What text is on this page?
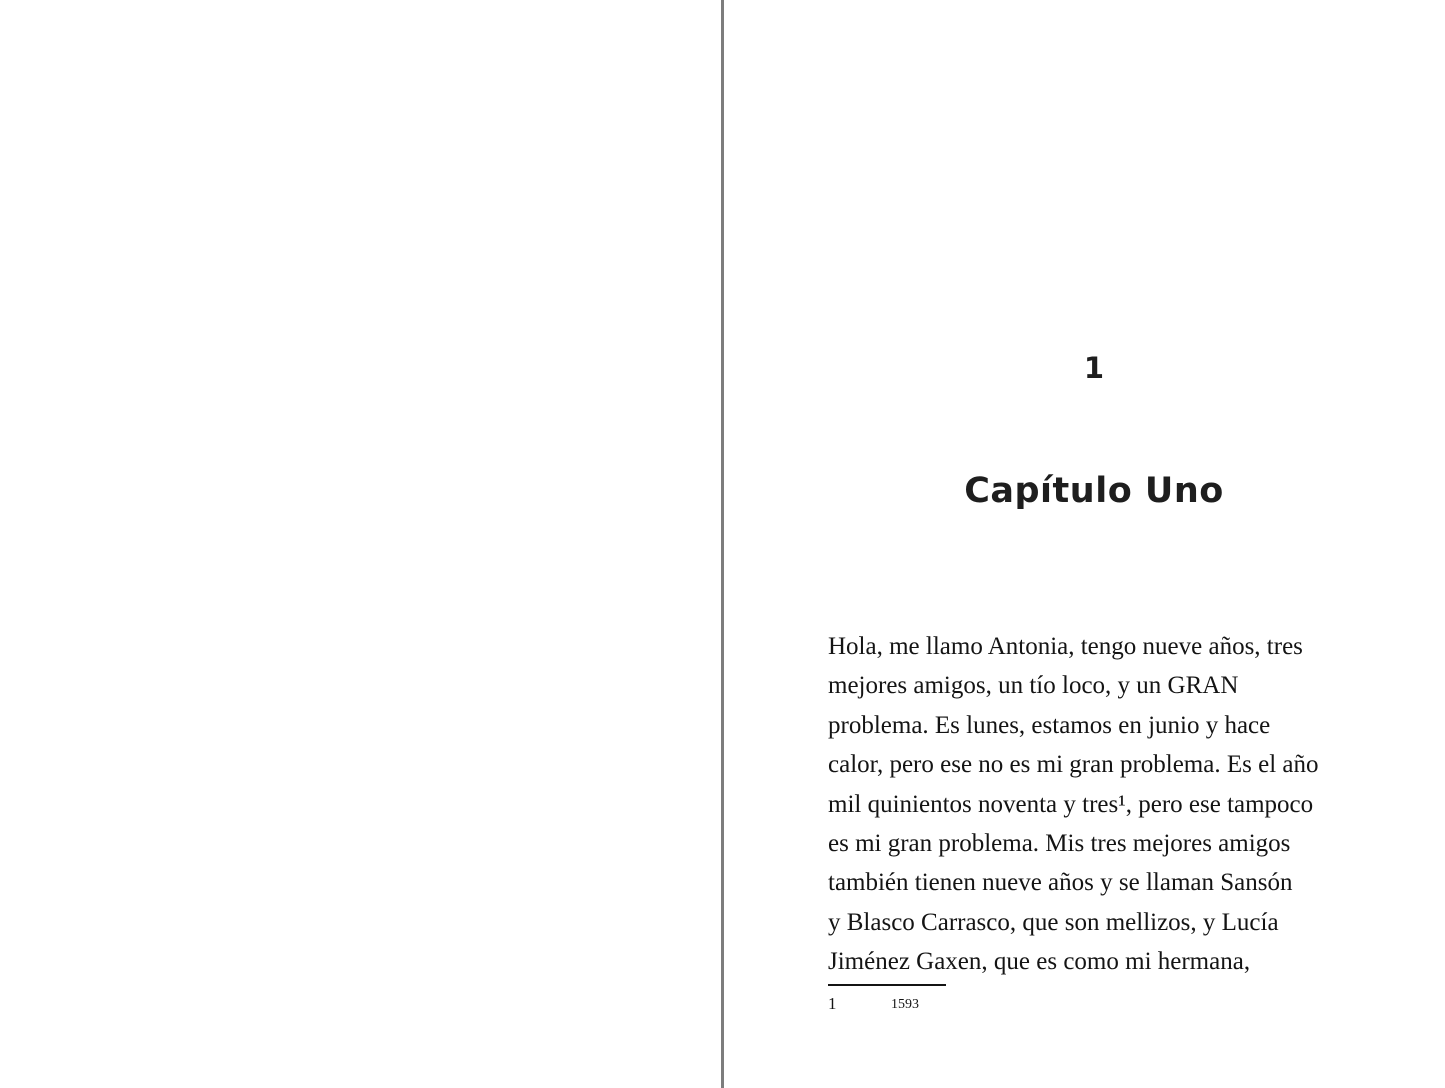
1
Capítulo Uno
Hola, me llamo Antonia, tengo nueve años, tres
mejores amigos, un tío loco, y un GRAN
problema. Es lunes, estamos en junio y hace
calor, pero ese no es mi gran problema. Es el año
mil quinientos noventa y tres¹, pero ese tampoco
es mi gran problema. Mis tres mejores amigos
también tienen nueve años y se llaman Sansón
y Blasco Carrasco, que son mellizos, y Lucía
Jiménez Gaxen, que es como mi hermana,
1	1593
